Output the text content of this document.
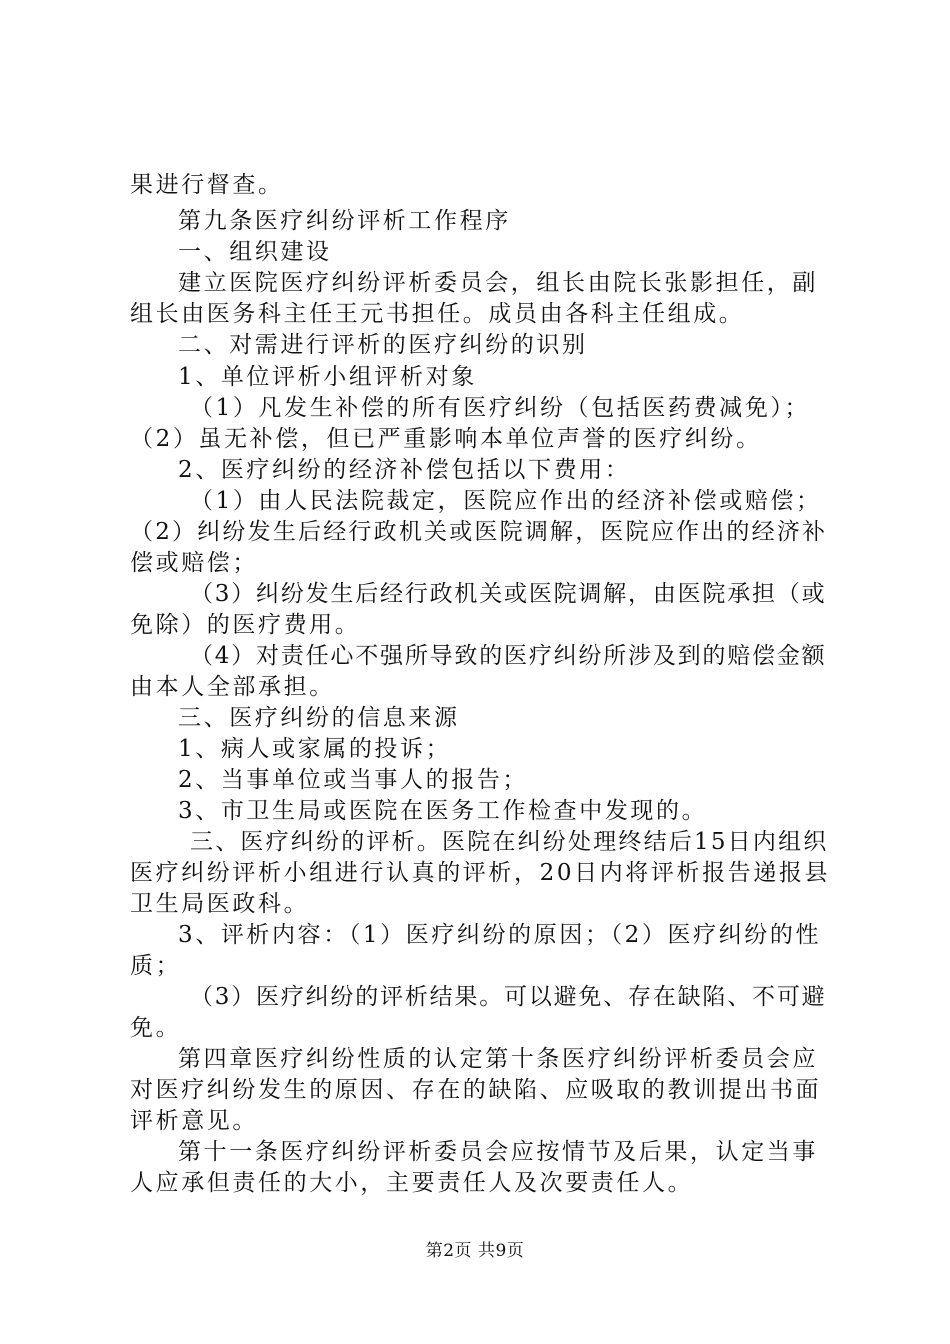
果进行督查。
第九条医疗纠纷评析工作程序
一、组织建设
建立医院医疗纠纷评析委员会，组长由院长张影担任，副
组长由医务科主任王元书担任。成员由各科主任组成。
二、对需进行评析的医疗纠纷的识别
1、单位评析小组评析对象
（1）凡发生补偿的所有医疗纠纷（包括医药费减免）；
（2）虽无补偿，但已严重影响本单位声誉的医疗纠纷。
2、医疗纠纷的经济补偿包括以下费用：
（1）由人民法院裁定，医院应作出的经济补偿或赔偿；
（2）纠纷发生后经行政机关或医院调解，医院应作出的经济补
偿或赔偿；
（3）纠纷发生后经行政机关或医院调解，由医院承担（或
免除）的医疗费用。
（4）对责任心不强所导致的医疗纠纷所涉及到的赔偿金额
由本人全部承担。
三、医疗纠纷的信息来源
1、病人或家属的投诉；
2、当事单位或当事人的报告；
3、市卫生局或医院在医务工作检查中发现的。
三、医疗纠纷的评析。医院在纠纷处理终结后15日内组织
医疗纠纷评析小组进行认真的评析，20日内将评析报告递报县
卫生局医政科。
3、评析内容：（1）医疗纠纷的原因；（2）医疗纠纷的性
质；
（3）医疗纠纷的评析结果。可以避免、存在缺陷、不可避
免。
第四章医疗纠纷性质的认定第十条医疗纠纷评析委员会应
对医疗纠纷发生的原因、存在的缺陷、应吸取的教训提出书面
评析意见。
第十一条医疗纠纷评析委员会应按情节及后果，认定当事
人应承但责任的大小，主要责任人及次要责任人。
第2页 共9页
